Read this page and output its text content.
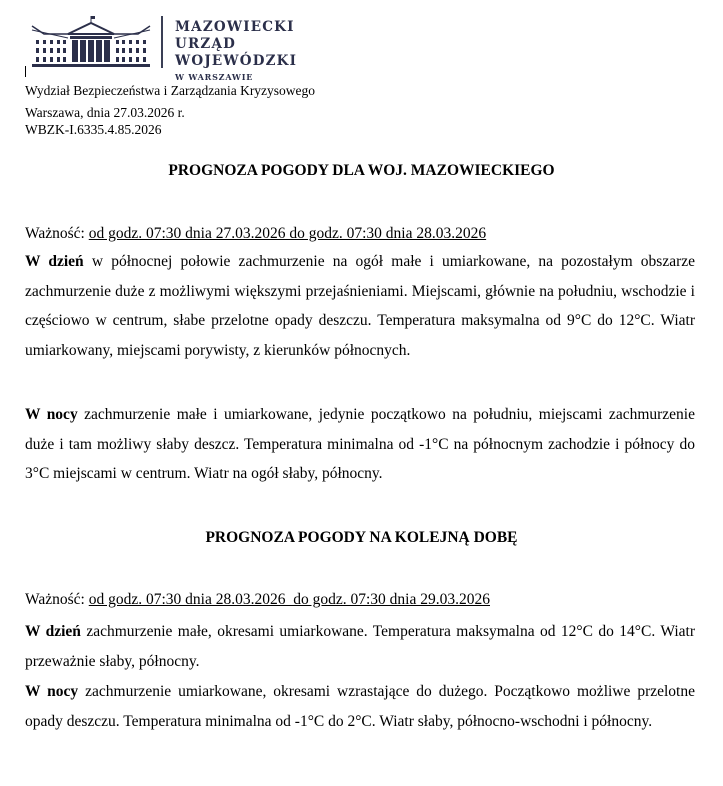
MAZOWIECKI
URZĄD WOJEWÓDZKI
W WARSZAWIE
Wydział Bezpieczeństwa i Zarządzania Kryzysowego
Warszawa, dnia 27.03.2026 r.
WBZK-I.6335.4.85.2026
PROGNOZA POGODY DLA WOJ. MAZOWIECKIEGO
Ważność: od godz. 07:30 dnia 27.03.2026 do godz. 07:30 dnia 28.03.2026
W dzień w północnej połowie zachmurzenie na ogół małe i umiarkowane, na pozostałym obszarze zachmurzenie duże z możliwymi większymi przejaśnieniami. Miejscami, głównie na południu, wschodzie i częściowo w centrum, słabe przelotne opady deszczu. Temperatura maksymalna od 9°C do 12°C. Wiatr umiarkowany, miejscami porywisty, z kierunków północnych.
W nocy zachmurzenie małe i umiarkowane, jedynie początkowo na południu, miejscami zachmurzenie duże i tam możliwy słaby deszcz. Temperatura minimalna od -1°C na północnym zachodzie i północy do 3°C miejscami w centrum. Wiatr na ogół słaby, północny.
PROGNOZA POGODY NA KOLEJNĄ DOBĘ
Ważność: od godz. 07:30 dnia 28.03.2026  do godz. 07:30 dnia 29.03.2026
W dzień zachmurzenie małe, okresami umiarkowane. Temperatura maksymalna od 12°C do 14°C. Wiatr przeważnie słaby, północny.
W nocy zachmurzenie umiarkowane, okresami wzrastające do dużego. Początkowo możliwe przelotne opady deszczu. Temperatura minimalna od -1°C do 2°C. Wiatr słaby, północno-wschodni i północny.
